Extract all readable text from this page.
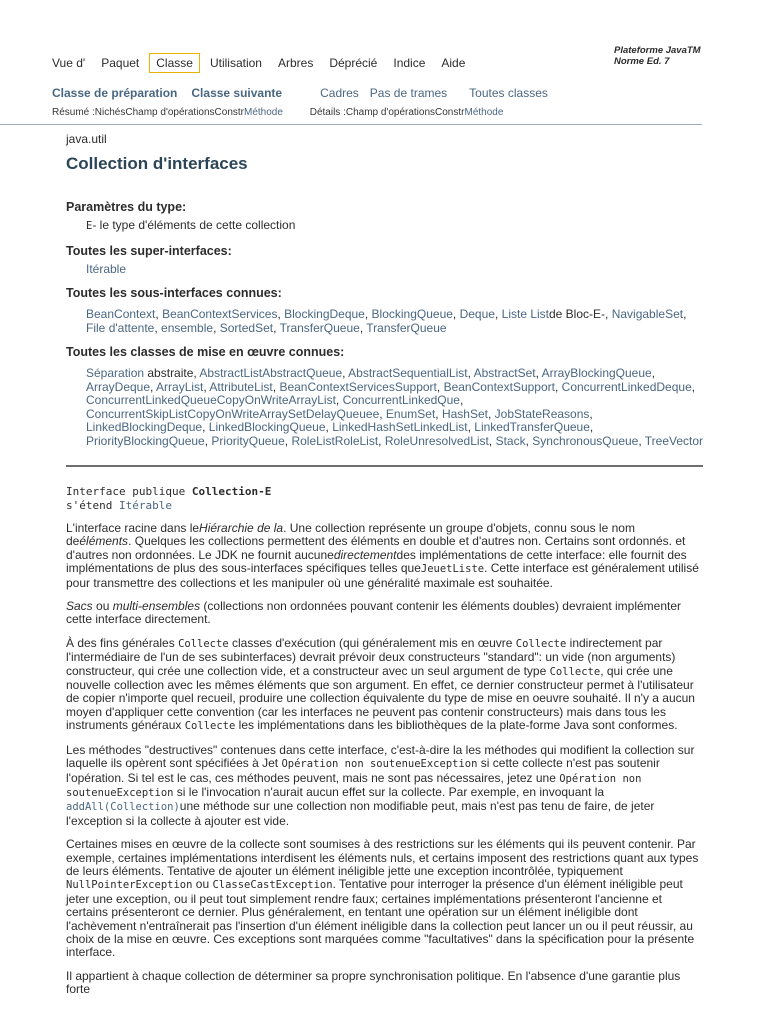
Vue d'	Paquet	Classe	Utilisation	Arbres	Déprécié	Indice	Aide
Plateforme JavaTM
Norme Ed. 7
Classe de préparation Classe suivante	Cadres Pas de trames Toutes classes
Résumé :NichésChamp d'opérationsConstrMéthode	Détails :Champ d'opérationsConstrMéthode
java.util
Collection d'interfaces
Paramètres du type:
E- le type d'éléments de cette collection
Toutes les super-interfaces:
Itérable
Toutes les sous-interfaces connues:
BeanContext, BeanContextServices, BlockingDeque, BlockingQueue, Deque, Liste Listde Bloc-E-, NavigableSet, File d'attente, ensemble, SortedSet, TransferQueue, TransferQueue
Toutes les classes de mise en œuvre connues:
Séparation abstraite, AbstractListAbstractQueue, AbstractSequentialList, AbstractSet, ArrayBlockingQueue, ArrayDeque, ArrayList, AttributeList, BeanContextServicesSupport, BeanContextSupport, ConcurrentLinkedDeque, ConcurrentLinkedQueueCopyOnWriteArrayList, ConcurrentLinkedQue, ConcurrentSkipListCopyOnWriteArraySetDelayQueuee, EnumSet, HashSet, JobStateReasons, LinkedBlockingDeque, LinkedBlockingQueue, LinkedHashSetLinkedList, LinkedTransferQueue, PriorityBlockingQueue, PriorityQueue, RoleListRoleList, RoleUnresolvedList, Stack, SynchronousQueue, TreeVector
Interface publique Collection-E
s'étend Itérable

L'interface racine dans leHiérarchie de la. Une collection représente un groupe d'objets, connu sous le nom deéléments. Quelques les collections permettent des éléments en double et d'autres non. Certains sont ordonnés. et d'autres non ordonnées. Le JDK ne fournit aucunedirectementdes implémentations de cette interface: elle fournit des implémentations de plus des sous-interfaces spécifiques telles queJeuetListe. Cette interface est généralement utilisé pour transmettre des collections et les manipuler où une généralité maximale est souhaitée.

Sacs ou multi-ensembles (collections non ordonnées pouvant contenir les éléments doubles) devraient implémenter cette interface directement.

À des fins générales Collecte classes d'exécution (qui généralement mis en œuvre Collecte indirectement par l'intermédiaire de l'un de ses subinterfaces) devrait prévoir deux constructeurs "standard": un vide (non arguments) constructeur, qui crée une collection vide, et a constructeur avec un seul argument de type Collecte, qui crée une nouvelle collection avec les mêmes éléments que son argument. En effet, ce dernier constructeur permet à l'utilisateur de copier n'importe quel recueil, produire une collection équivalente du type de mise en oeuvre souhaité. Il n'y a aucun moyen d'appliquer cette convention (car les interfaces ne peuvent pas contenir constructeurs) mais dans tous les instruments généraux Collecte les implémentations dans les bibliothèques de la plate-forme Java sont conformes.

Les méthodes "destructives" contenues dans cette interface, c'est-à-dire la les méthodes qui modifient la collection sur laquelle ils opèrent sont spécifiées à Jet Opération non soutenueException si cette collecte n'est pas soutenir l'opération. Si tel est le cas, ces méthodes peuvent, mais ne sont pas nécessaires, jetez une Opération non soutenueException si le l'invocation n'aurait aucun effet sur la collecte. Par exemple, en invoquant la addAll(Collection)une méthode sur une collection non modifiable peut, mais n'est pas tenu de faire, de jeter l'exception si la collecte à ajouter est vide.

Certaines mises en œuvre de la collecte sont soumises à des restrictions sur les éléments qui ils peuvent contenir. Par exemple, certaines implémentations interdisent les éléments nuls, et certains imposent des restrictions quant aux types de leurs éléments. Tentative de ajouter un élément inéligible jette une exception incontrôlée, typiquement NullPointerException ou ClasseCastException. Tentative pour interroger la présence d'un élément inéligible peut jeter une exception, ou il peut tout simplement rendre faux; certaines implémentations présenteront l'ancienne et certains présenteront ce dernier. Plus généralement, en tentant une opération sur un élément inéligible dont l'achèvement n'entraînerait pas l'insertion d'un élément inéligible dans la collection peut lancer un ou il peut réussir, au choix de la mise en œuvre. Ces exceptions sont marquées comme "facultatives" dans la spécification pour la présente interface.

Il appartient à chaque collection de déterminer sa propre synchronisation politique. En l'absence d'une garantie plus forte
